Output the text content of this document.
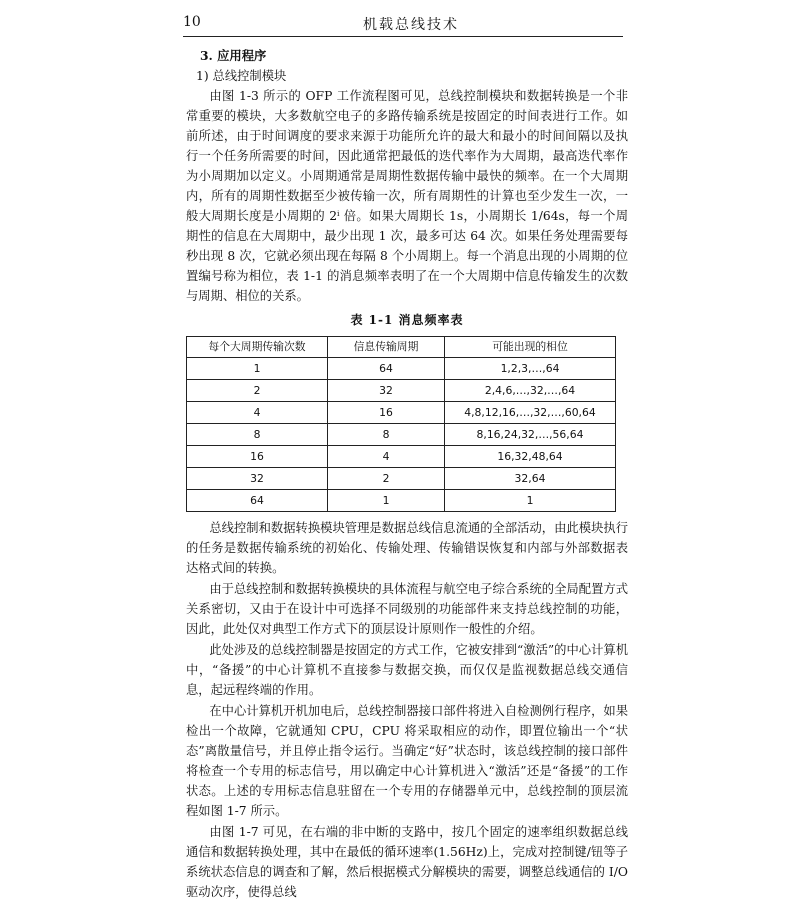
10	机载总线技术
3. 应用程序
1) 总线控制模块

由图 1-3 所示的 OFP 工作流程图可见，总线控制模块和数据转换是一个非常重要的模块，大多数航空电子的多路传输系统是按固定的时间表进行工作。如前所述，由于时间调度的要求来源于功能所允许的最大和最小的时间间隔以及执行一个任务所需要的时间，因此通常把最低的迭代率作为大周期，最高迭代率作为小周期加以定义。小周期通常是周期性数据传输中最快的频率。在一个大周期内，所有的周期性数据至少被传输一次，所有周期性的计算也至少发生一次，一般大周期长度是小周期的 2ⁱ 倍。如果大周期长 1s，小周期长 1/64s，每一个周期性的信息在大周期中，最少出现 1 次，最多可达 64 次。如果任务处理需要每秒出现 8 次，它就必须出现在每隔 8 个小周期上。每一个消息出现的小周期的位置编号称为相位，表 1-1 的消息频率表明了在一个大周期中信息传输发生的次数与周期、相位的关系。

表 1-1 消息频率表
每个大周期传输次数	信息传输周期	可能出现的相位
1	64	1,2,3,…,64
2	32	2,4,6,…,32,…,64
4	16	4,8,12,16,…,32,…,60,64
8	8	8,16,24,32,…,56,64
16	4	16,32,48,64
32	2	32,64
64	1	1

总线控制和数据转换模块管理是数据总线信息流通的全部活动，由此模块执行的任务是数据传输系统的初始化、传输处理、传输错误恢复和内部与外部数据表达格式间的转换。

由于总线控制和数据转换模块的具体流程与航空电子综合系统的全局配置方式关系密切，又由于在设计中可选择不同级别的功能部件来支持总线控制的功能，因此，此处仅对典型工作方式下的顶层设计原则作一般性的介绍。

此处涉及的总线控制器是按固定的方式工作，它被安排到“激活”的中心计算机中，“备援”的中心计算机不直接参与数据交换，而仅仅是监视数据总线交通信息，起远程终端的作用。

在中心计算机开机加电后，总线控制器接口部件将进入自检测例行程序，如果检出一个故障，它就通知 CPU，CPU 将采取相应的动作，即置位输出一个“状态”离散量信号，并且停止指令运行。当确定“好”状态时，该总线控制的接口部件将检查一个专用的标志信号，用以确定中心计算机进入“激活”还是“备援”的工作状态。上述的专用标志信息驻留在一个专用的存储器单元中，总线控制的顶层流程如图 1-7 所示。

由图 1-7 可见，在右端的非中断的支路中，按几个固定的速率组织数据总线通信和数据转换处理，其中在最低的循环速率(1.56Hz)上，完成对控制键/钮等子系统状态信息的调查和了解，然后根据模式分解模块的需要，调整总线通信的 I/O 驱动次序，使得总线
